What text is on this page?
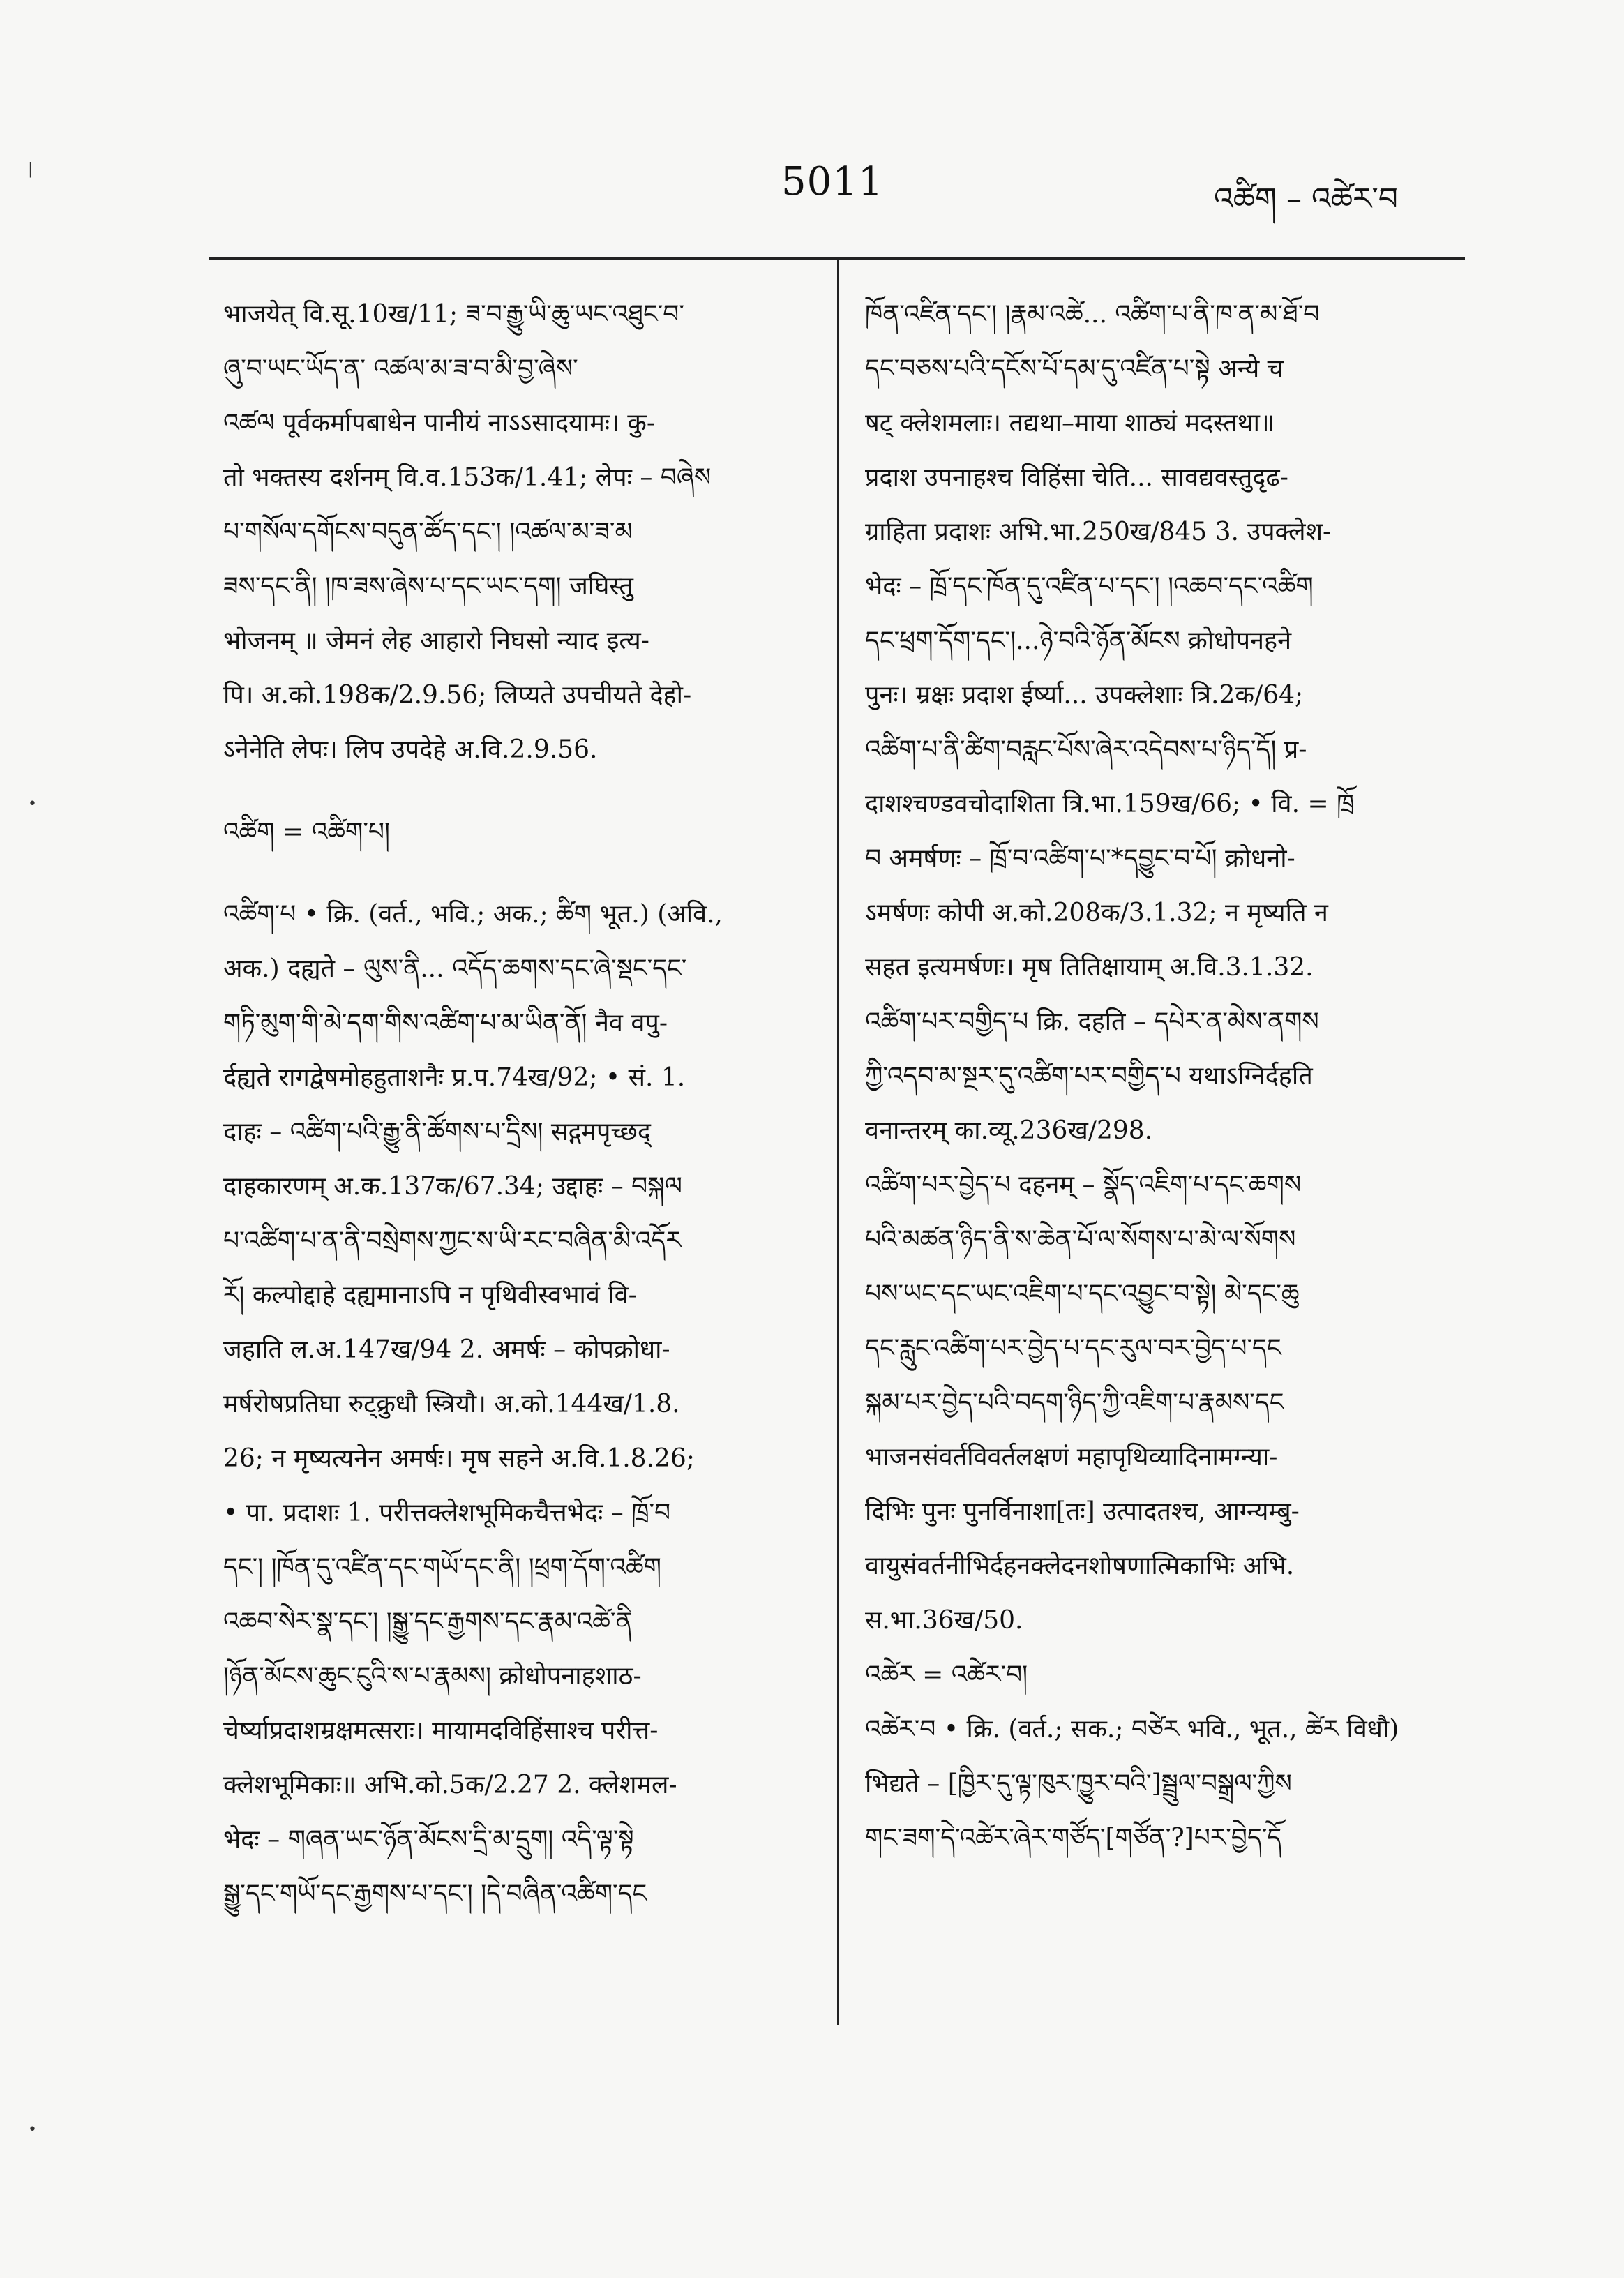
5011	འཚིག – འཚེར་བ
भाजयेत् वि.सू.10ख/11; ཟ་བ་རྒྱུ་ཡི་ཆུ་ཡང་འཐུང་བ་
ཞུ་བ་ཡང་ཡོད་ན་ འཚལ་མ་ཟ་བ་མི་བྱ་ཞེས་
འཚལ पूर्वकर्मापबाधेन पानीयं नाऽऽसादयामः। कु-
तो भक्तस्य दर्शनम् वि.व.153क/1.41; लेपः – བཞེས
པ་གསོལ་དགོངས་བདུན་ཚོད་དང་། །འཚལ་མ་ཟ་མ
ཟས་དང་ནི། །ཁ་ཟས་ཞེས་པ་དང་ཡང་དག། जघिस्तु
भोजनम् ॥ जेमनं लेह आहारो निघसो न्याद इत्य-
पि। अ.को.198क/2.9.56; लिप्यते उपचीयते देहो-
ऽनेनेति लेपः। लिप उपदेहे अ.वि.2.9.56.
འཚིག = འཚིག་པ།
འཚིག་པ • क्रि. (वर्त., भवि.; अक.; ཚིག भूत.) (अवि.,
अक.) दह्यते – ལུས་ནི... འདོད་ཆགས་དང་ཞེ་སྡང་དང་
གཏི་མུག་གི་མེ་དག་གིས་འཚིག་པ་མ་ཡིན་ནོ། नैव वपु-
र्दह्यते रागद्वेषमोहहुताशनैः प्र.प.74ख/92; • सं. 1.
दाहः – འཚིག་པའི་རྒྱུ་ནི་ཚོགས་པ་དྲིས། सद्गमपृच्छद्
दाहकारणम् अ.क.137क/67.34; उद्दाहः – བསྐལ
པ་འཚིག་པ་ན་ནི་བསྲེགས་ཀྱང་ས་ཡི་རང་བཞིན་མི་འདོར
རོ། कल्पोद्दाहे दह्यमानाऽपि न पृथिवीस्वभावं वि-
जहाति ल.अ.147ख/94 2. अमर्षः – कोपक्रोधा-
मर्षरोषप्रतिघा रुट्क्रुधौ स्त्रियौ। अ.को.144ख/1.8.
26; न मृष्यत्यनेन अमर्षः। मृष सहने अ.वि.1.8.26;
• पा. प्रदाशः 1. परीत्तक्लेशभूमिकचैत्तभेदः – ཁྲོ་བ
དང་། །ཁོན་དུ་འཛིན་དང་གཡོ་དང་ནི། །ཕྲག་དོག་འཚིག
འཆབ་སེར་སྣ་དང་། །སྒྱུ་དང་རྒྱགས་དང་རྣམ་འཚེ་ནི
།ཉོན་མོངས་ཆུང་ངུའི་ས་པ་རྣམས། क्रोधोपनाहशाठ-
चेर्ष्याप्रदाशम्रक्षमत्सराः। मायामदविहिंसाश्च परीत्त-
क्लेशभूमिकाः॥ अभि.को.5क/2.27 2. क्लेशमल-
भेदः – གཞན་ཡང་ཉོན་མོངས་དྲི་མ་དྲུག། འདི་ལྟ་སྟེ
སྒྱུ་དང་གཡོ་དང་རྒྱགས་པ་དང་། །དེ་བཞིན་འཚིག་དང
ཁོན་འཛིན་དང་། །རྣམ་འཚེ... འཚིག་པ་ནི་ཁ་ན་མ་ཐོ་བ
དང་བཅས་པའི་དངོས་པོ་དམ་དུ་འཛིན་པ་སྟེ अन्ये च
षट् क्लेशमलाः। तद्यथा–माया शाठ्यं मदस्तथा॥
प्रदाश उपनाहश्च विहिंसा चेति... सावद्यवस्तुदृढ-
ग्राहिता प्रदाशः अभि.भा.250ख/845 3. उपक्लेश-
भेदः – ཁྲོ་དང་ཁོན་དུ་འཛིན་པ་དང་། །འཆབ་དང་འཚིག
དང་ཕྲག་དོག་དང་།...ཉེ་བའི་ཉོན་མོངས क्रोधोपनहने
पुनः। म्रक्षः प्रदाश ईर्ष्या... उपक्लेशाः त्रि.2क/64;
འཚིག་པ་ནི་ཚིག་བརླང་པོས་ཞེར་འདེབས་པ་ཉིད་དོ། प्र-
दाशश्चण्डवचोदाशिता त्रि.भा.159ख/66; • वि. = ཁྲོ
བ अमर्षणः – ཁྲོ་བ་འཚིག་པ་*དབྱུང་བ་པོ། क्रोधनो-
ऽमर्षणः कोपी अ.को.208क/3.1.32; न मृष्यति न
सहत इत्यमर्षणः। मृष तितिक्षायाम् अ.वि.3.1.32.
འཚིག་པར་བགྱིད་པ क्रि. दहति – དཔེར་ན་མེས་ནགས
ཀྱི་འདབ་མ་སྔར་དུ་འཚིག་པར་བགྱིད་པ यथाऽग्निर्दहति
वनान्तरम् का.व्यू.236ख/298.
འཚིག་པར་བྱེད་པ दहनम् – སྣོད་འཇིག་པ་དང་ཆགས
པའི་མཚན་ཉིད་ནི་ས་ཆེན་པོ་ལ་སོགས་པ་མེ་ལ་སོགས
པས་ཡང་དང་ཡང་འཇིག་པ་དང་འབྱུང་བ་སྟེ། མེ་དང་ཆུ
དང་རླུང་འཚིག་པར་བྱེད་པ་དང་རུལ་བར་བྱེད་པ་དང
སྐམ་པར་བྱེད་པའི་བདག་ཉིད་ཀྱི་འཇིག་པ་རྣམས་དང
भाजनसंवर्तविवर्तलक्षणं महापृथिव्यादिनामग्न्या-
दिभिः पुनः पुनर्विनाशा[तः] उत्पादतश्च, आग्न्यम्बु-
वायुसंवर्तनीभिर्दहनक्लेदनशोषणात्मिकाभिः अभि.
स.भा.36ख/50.
འཚེར = འཚེར་བ།
འཚེར་བ • क्रि. (वर्त.; सक.; བཙེར भवि., भूत., ཚེར विधौ)
भिद्यते – [ཁྱིར་དུ་ལྟ་ཁུར་ཁྱུར་བའི་]སྦྲུལ་བསྒྲལ་ཀྱིས
གང་ཟག་དེ་འཚེར་ཞེར་གཙོད་[གཙོན་?]པར་བྱེད་དོ
|
•
•
